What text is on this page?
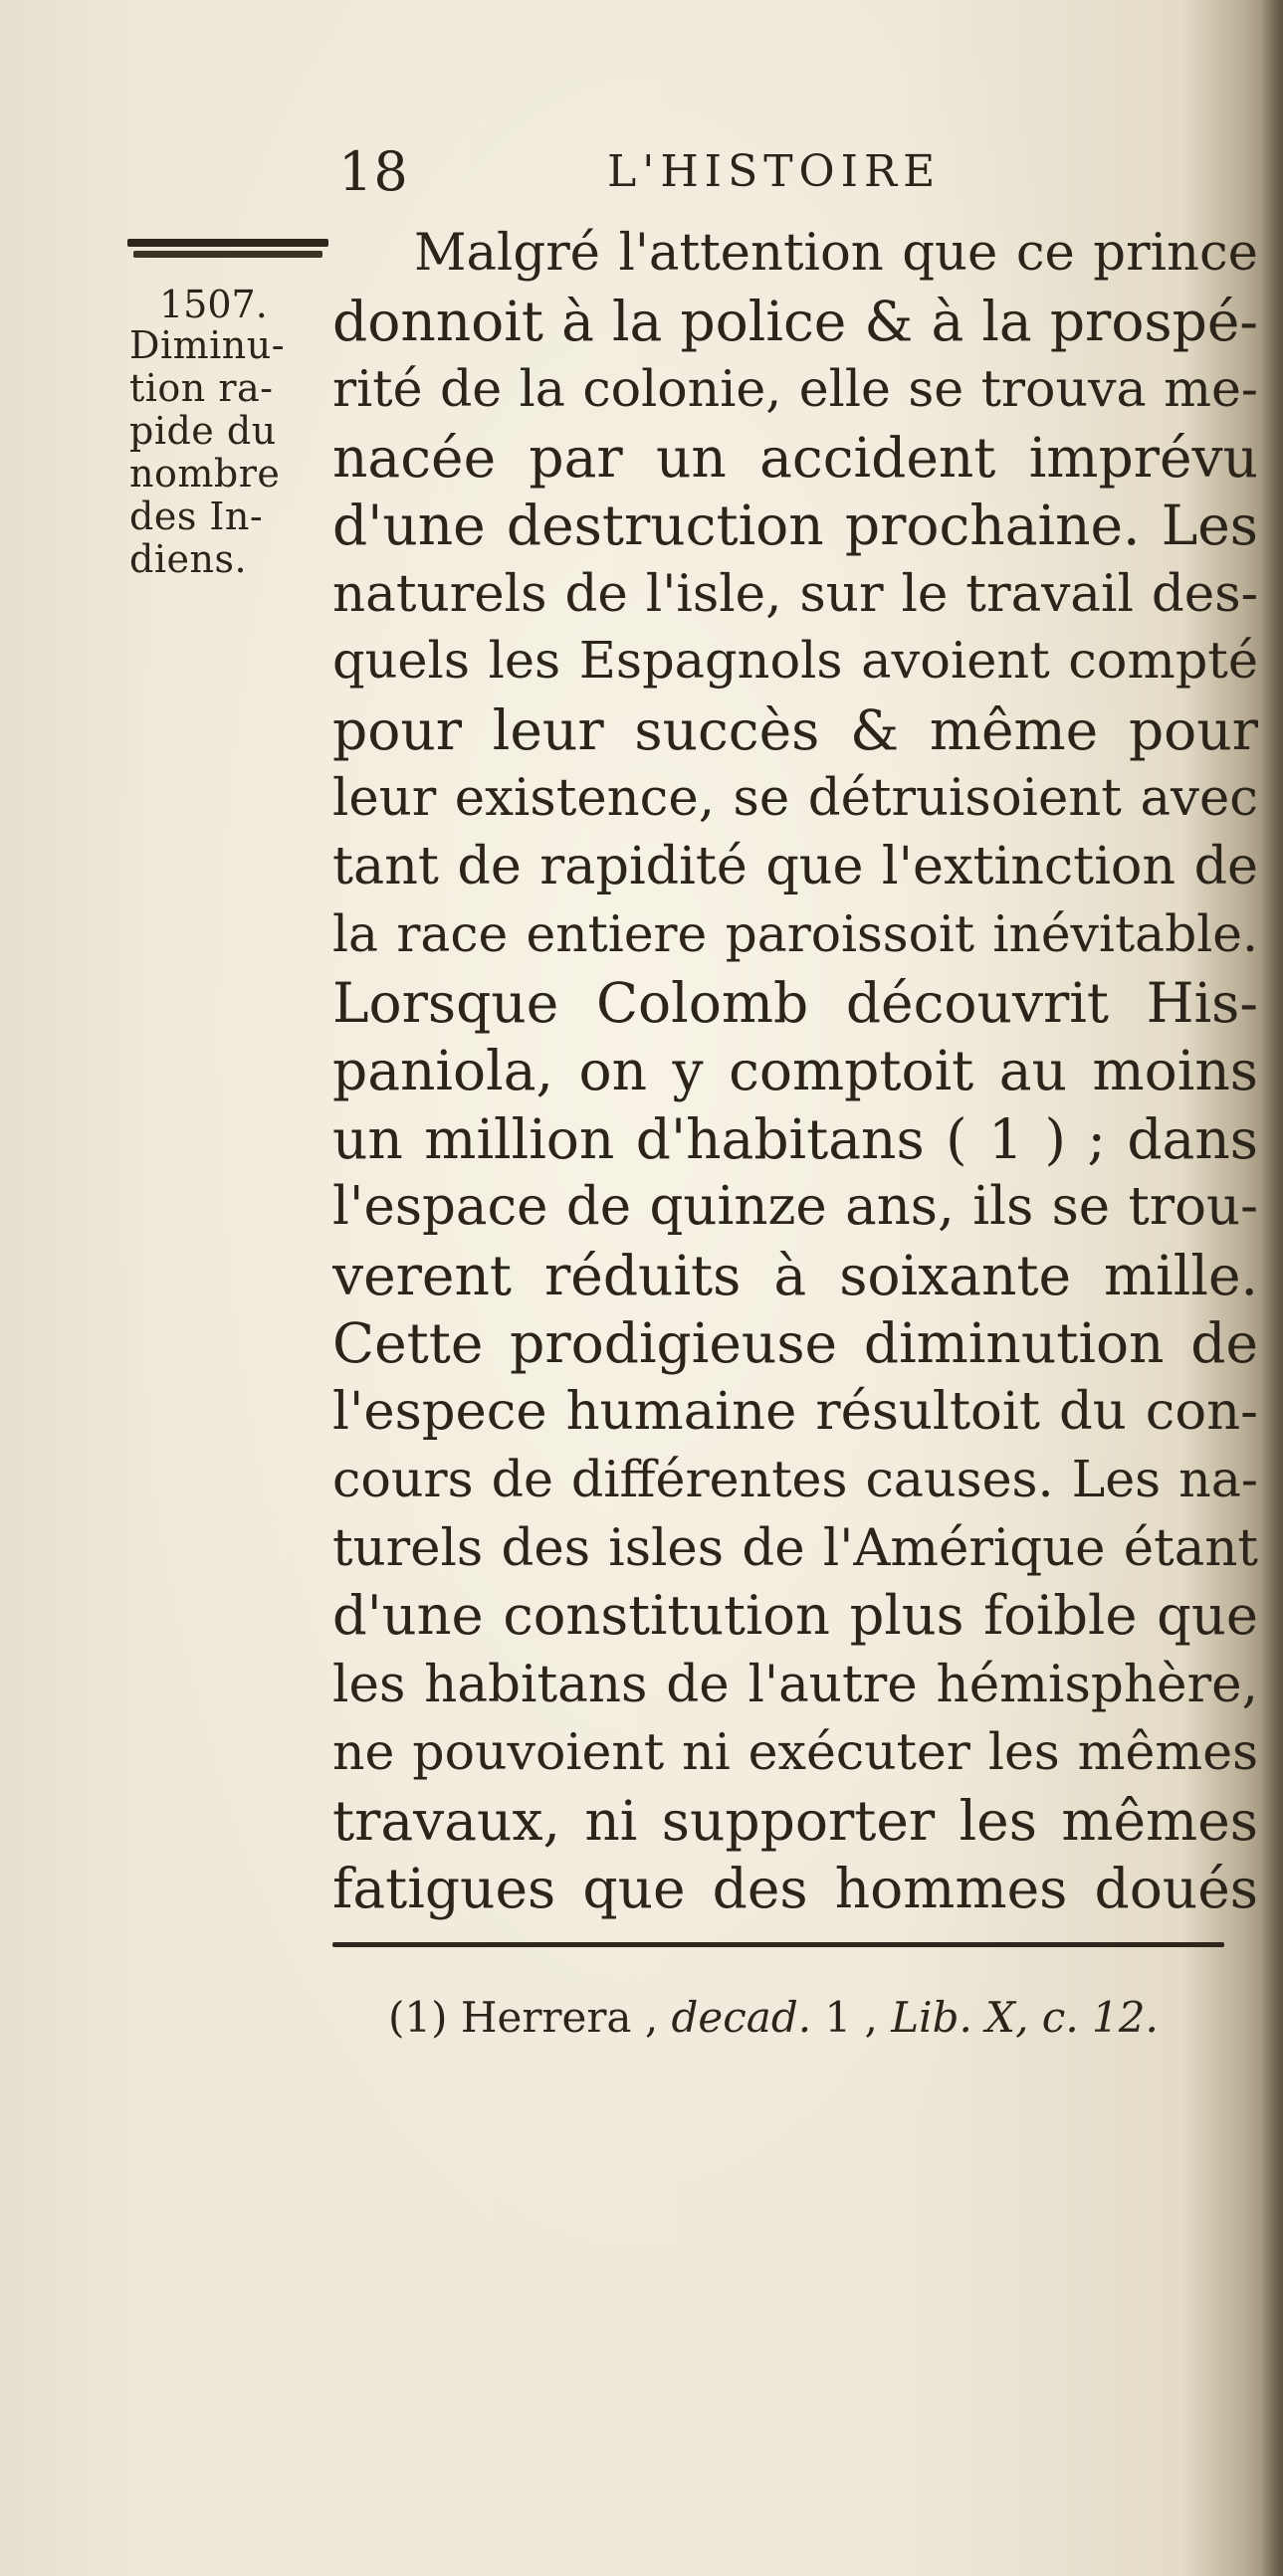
18	L'HISTOIRE
1507.
Diminu-
tion ra-
pide du
nombre
des In-
diens.
Malgré l'attention que ce prince
donnoit à la police & à la prospé-
rité de la colonie, elle se trouva me-
nacée par un accident imprévu
d'une destruction prochaine. Les
naturels de l'isle, sur le travail des-
quels les Espagnols avoient compté
pour leur succès & même pour
leur existence, se détruisoient avec
tant de rapidité que l'extinction de
la race entiere paroissoit inévitable.
Lorsque Colomb découvrit His-
paniola, on y comptoit au moins
un million d'habitans ( 1 ) ; dans
l'espace de quinze ans, ils se trou-
verent réduits à soixante mille.
Cette prodigieuse diminution de
l'espece humaine résultoit du con-
cours de différentes causes. Les na-
turels des isles de l'Amérique étant
d'une constitution plus foible que
les habitans de l'autre hémisphère,
ne pouvoient ni exécuter les mêmes
travaux, ni supporter les mêmes
fatigues que des hommes doués
(1) Herrera , decad. 1 , Lib. X, c. 12.
